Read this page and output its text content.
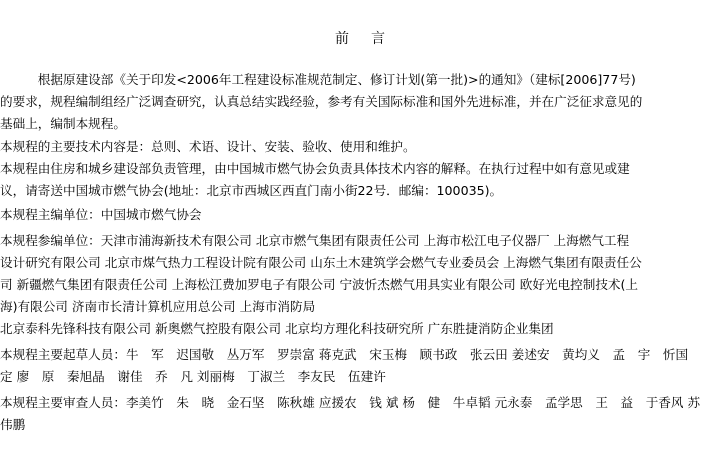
前 言
　　　根据原建设部《关于印发<2006年工程建设标准规范制定、修订计划(第一批)>的通知》（建标[2006]77号)
的要求，规程编制组经广泛调查研究，认真总结实践经验，参考有关国际标准和国外先进标准，并在广泛征求意见的
基础上，编制本规程。
本规程的主要技术内容是：总则、术语、设计、安装、验收、使用和维护。
本规程由住房和城乡建设部负责管理，由中国城市燃气协会负责具体技术内容的解释。在执行过程中如有意见或建
议，请寄送中国城市燃气协会(地址：北京市西城区西直门南小街22号．邮编：100035)。
本规程主编单位：中国城市燃气协会
本规程参编单位：天津市浦海新技术有限公司 北京市燃气集团有限责任公司 上海市松江电子仪器厂 上海燃气工程
设计研究有限公司 北京市煤气热力工程设计院有限公司 山东土木建筑学会燃气专业委员会 上海燃气集团有限责任公
司 新疆燃气集团有限责任公司 上海松江费加罗电子有限公司 宁波忻杰燃气用具实业有限公司 欧好光电控制技术(上
海)有限公司 济南市长清计算机应用总公司 上海市消防局
北京泰科先锋科技有限公司 新奥燃气控股有限公司 北京均方理化科技研究所 广东胜捷消防企业集团
本规程主要起草人员：牛　军　迟国敬　丛万军　罗崇富 蒋克武　宋玉梅　顾书政　张云田 姜述安　黄均义　孟　宇　忻国
定 廖　原　秦旭晶　谢佳　乔　凡 刘丽梅　丁淑兰　李友民　伍建许
本规程主要审查人员：李美竹　朱　晓　金石坚　陈秋雄 应援农　钱 斌 杨　健　牛卓韬 元永泰　孟学思　王　益　于香风 苏
伟鹏
